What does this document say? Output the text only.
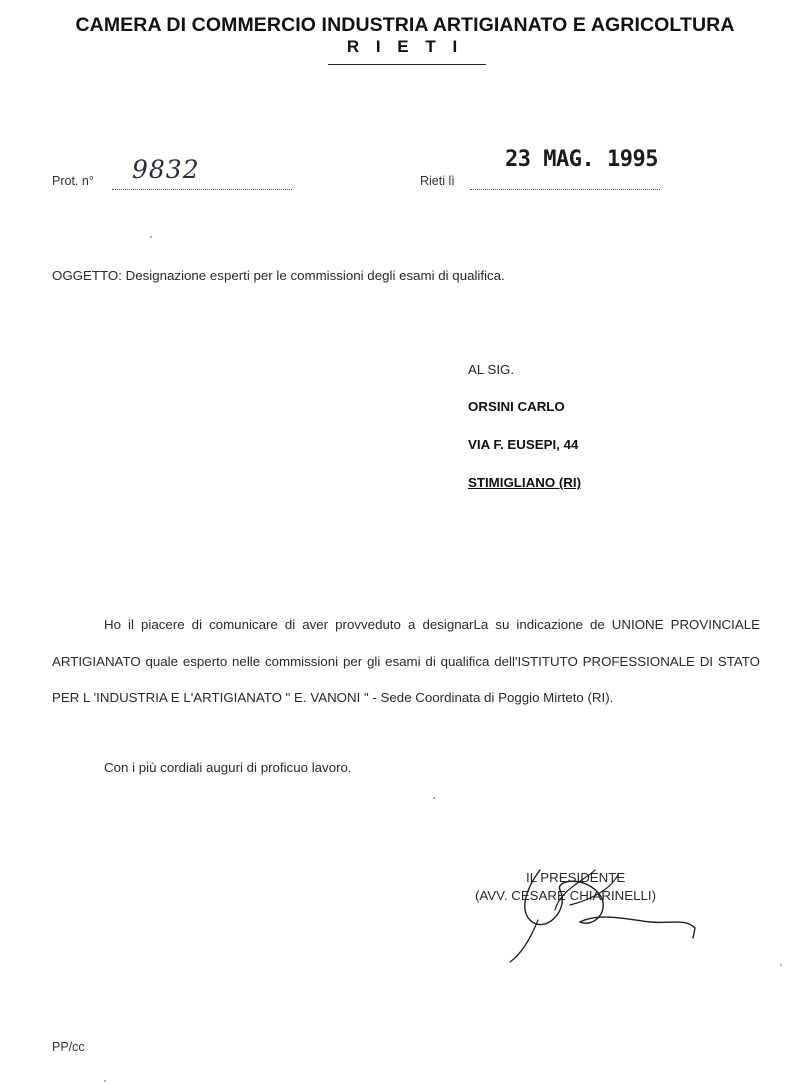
CAMERA DI COMMERCIO INDUSTRIA ARTIGIANATO E AGRICOLTURA
R I E T I
Prot. n° 9832	Rieti lì
23 MAG. 1995
OGGETTO: Designazione esperti per le commissioni degli esami di qualifica.
AL SIG.
ORSINI CARLO
VIA F. EUSEPI, 44
STIMIGLIANO (RI)
Ho il piacere di comunicare di aver provveduto a designarLa su indicazione de UNIONE PROVINCIALE ARTIGIANATO quale esperto nelle commissioni per gli esami di qualifica dell'ISTITUTO PROFESSIONALE DI STATO PER L 'INDUSTRIA E L'ARTIGIANATO " E. VANONI " - Sede Coordinata di Poggio Mirteto (RI).
Con i più cordiali auguri di proficuo lavoro.
IL PRESIDENTE
(AVV. CESARE CHIARINELLI)
PP/cc
